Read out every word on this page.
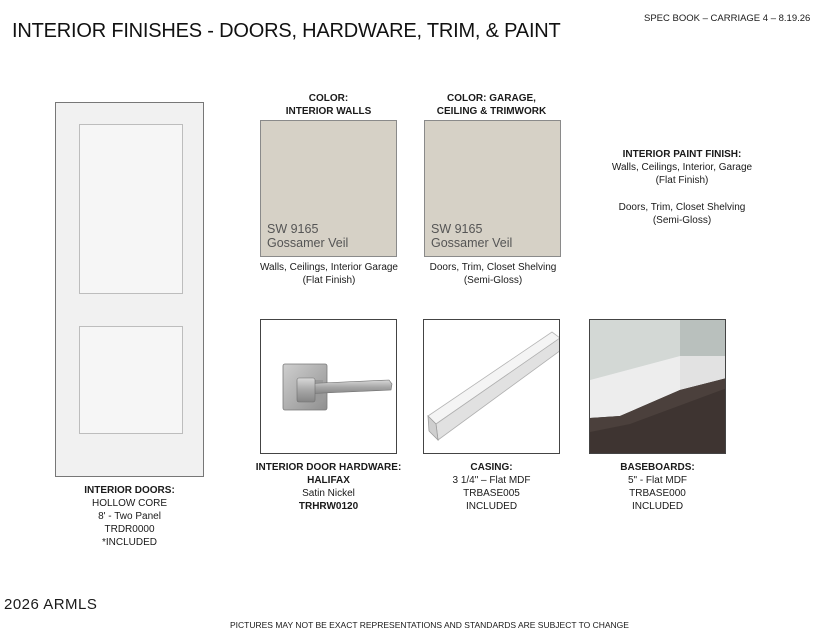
INTERIOR FINISHES - DOORS, HARDWARE, TRIM, & PAINT
SPEC BOOK – CARRIAGE 4 – 8.19.26
INTERIOR DOORS:
HOLLOW CORE
8' - Two Panel
TRDR0000
*INCLUDED
COLOR:
INTERIOR WALLS
SW 9165
Gossamer Veil
Walls, Ceilings, Interior Garage
(Flat Finish)
COLOR: GARAGE,
CEILING & TRIMWORK
SW 9165
Gossamer Veil
Doors, Trim, Closet Shelving
(Semi-Gloss)
INTERIOR PAINT FINISH:
Walls, Ceilings, Interior, Garage
(Flat Finish)
Doors, Trim, Closet Shelving
(Semi-Gloss)
INTERIOR DOOR HARDWARE:
HALIFAX
Satin Nickel
TRHRW0120
CASING:
3 1/4" – Flat MDF
TRBASE005
INCLUDED
BASEBOARDS:
5" - Flat MDF
TRBASE000
INCLUDED
2026 ARMLS
PICTURES MAY NOT BE EXACT REPRESENTATIONS AND STANDARDS ARE SUBJECT TO CHANGE
